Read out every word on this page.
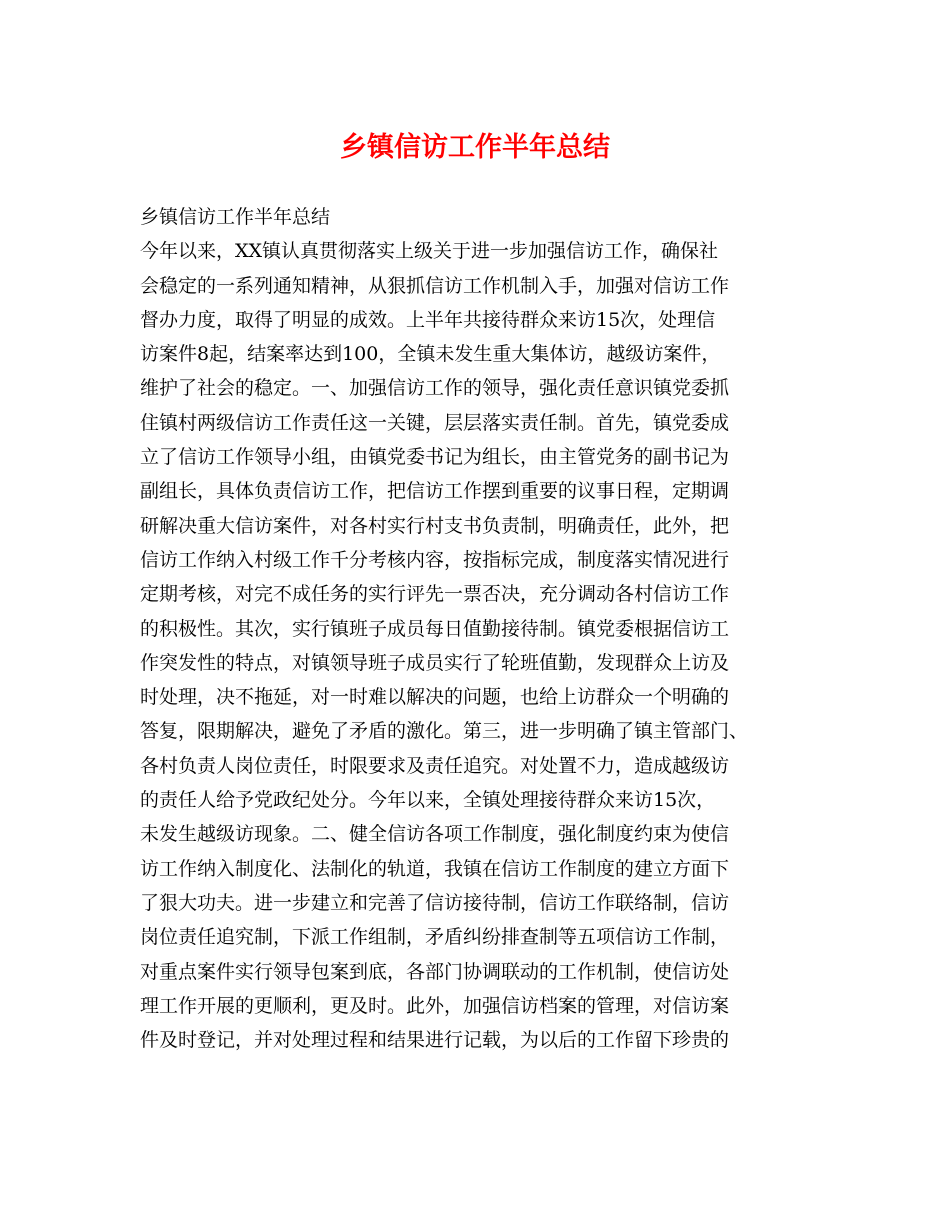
乡镇信访工作半年总结
乡镇信访工作半年总结
今年以来，XX镇认真贯彻落实上级关于进一步加强信访工作，确保社
会稳定的一系列通知精神，从狠抓信访工作机制入手，加强对信访工作
督办力度，取得了明显的成效。上半年共接待群众来访15次，处理信
访案件8起，结案率达到100，全镇未发生重大集体访，越级访案件，
维护了社会的稳定。一、加强信访工作的领导，强化责任意识镇党委抓
住镇村两级信访工作责任这一关键，层层落实责任制。首先，镇党委成
立了信访工作领导小组，由镇党委书记为组长，由主管党务的副书记为
副组长，具体负责信访工作，把信访工作摆到重要的议事日程，定期调
研解决重大信访案件，对各村实行村支书负责制，明确责任，此外，把
信访工作纳入村级工作千分考核内容，按指标完成，制度落实情况进行
定期考核，对完不成任务的实行评先一票否决，充分调动各村信访工作
的积极性。其次，实行镇班子成员每日值勤接待制。镇党委根据信访工
作突发性的特点，对镇领导班子成员实行了轮班值勤，发现群众上访及
时处理，决不拖延，对一时难以解决的问题，也给上访群众一个明确的
答复，限期解决，避免了矛盾的激化。第三，进一步明确了镇主管部门、
各村负责人岗位责任，时限要求及责任追究。对处置不力，造成越级访
的责任人给予党政纪处分。今年以来，全镇处理接待群众来访15次，
未发生越级访现象。二、健全信访各项工作制度，强化制度约束为使信
访工作纳入制度化、法制化的轨道，我镇在信访工作制度的建立方面下
了狠大功夫。进一步建立和完善了信访接待制，信访工作联络制，信访
岗位责任追究制，下派工作组制，矛盾纠纷排查制等五项信访工作制，
对重点案件实行领导包案到底，各部门协调联动的工作机制，使信访处
理工作开展的更顺利，更及时。此外，加强信访档案的管理，对信访案
件及时登记，并对处理过程和结果进行记载，为以后的工作留下珍贵的
